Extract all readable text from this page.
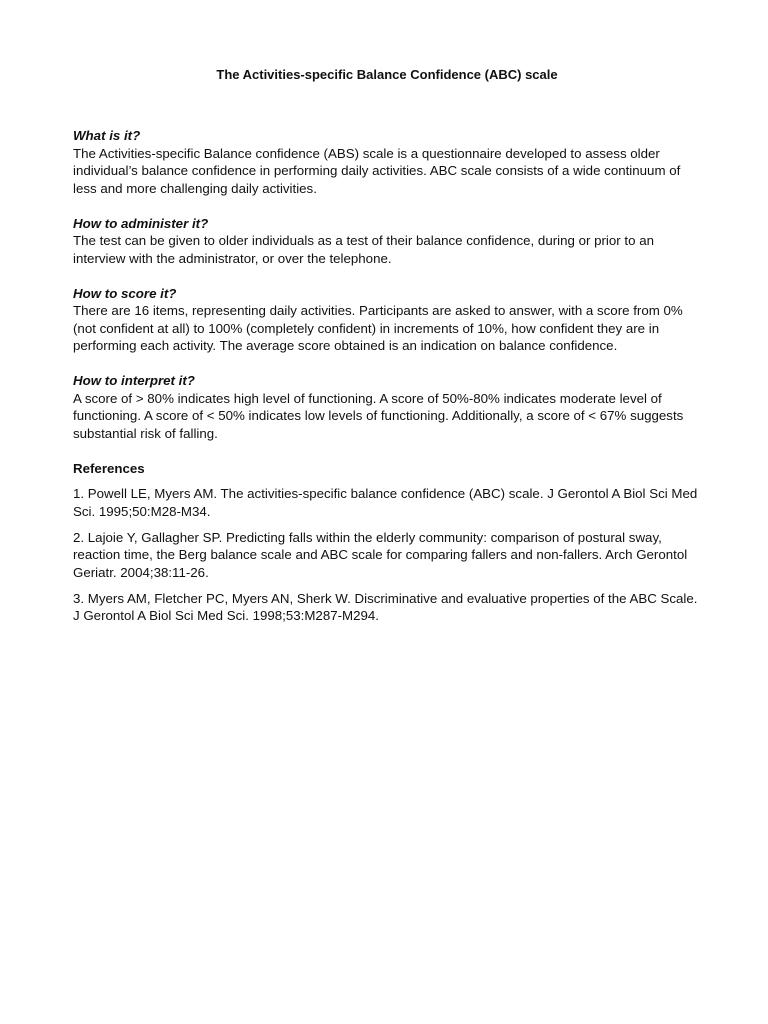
The Activities-specific Balance Confidence (ABC) scale

What is it?

The Activities-specific Balance confidence (ABS) scale is a questionnaire developed to assess older individual’s balance confidence in performing daily activities. ABC scale consists of a wide continuum of less and more challenging daily activities.

How to administer it?

The test can be given to older individuals as a test of their balance confidence, during or prior to an interview with the administrator, or over the telephone.

How to score it?

There are 16 items, representing daily activities. Participants are asked to answer, with a score from 0% (not confident at all) to 100% (completely confident) in increments of 10%, how confident they are in performing each activity. The average score obtained is an indication on balance confidence.

How to interpret it?

A score of > 80% indicates high level of functioning. A score of 50%-80% indicates moderate level of functioning. A score of < 50% indicates low levels of functioning. Additionally, a score of < 67% suggests substantial risk of falling.

References

1. Powell LE, Myers AM. The activities-specific balance confidence (ABC) scale. J Gerontol A Biol Sci Med Sci. 1995;50:M28-M34.

2. Lajoie Y, Gallagher SP. Predicting falls within the elderly community: comparison of postural sway, reaction time, the Berg balance scale and ABC scale for comparing fallers and non-fallers. Arch Gerontol Geriatr. 2004;38:11-26.

3. Myers AM, Fletcher PC, Myers AN, Sherk W. Discriminative and evaluative properties of the ABC Scale. J Gerontol A Biol Sci Med Sci. 1998;53:M287-M294.
